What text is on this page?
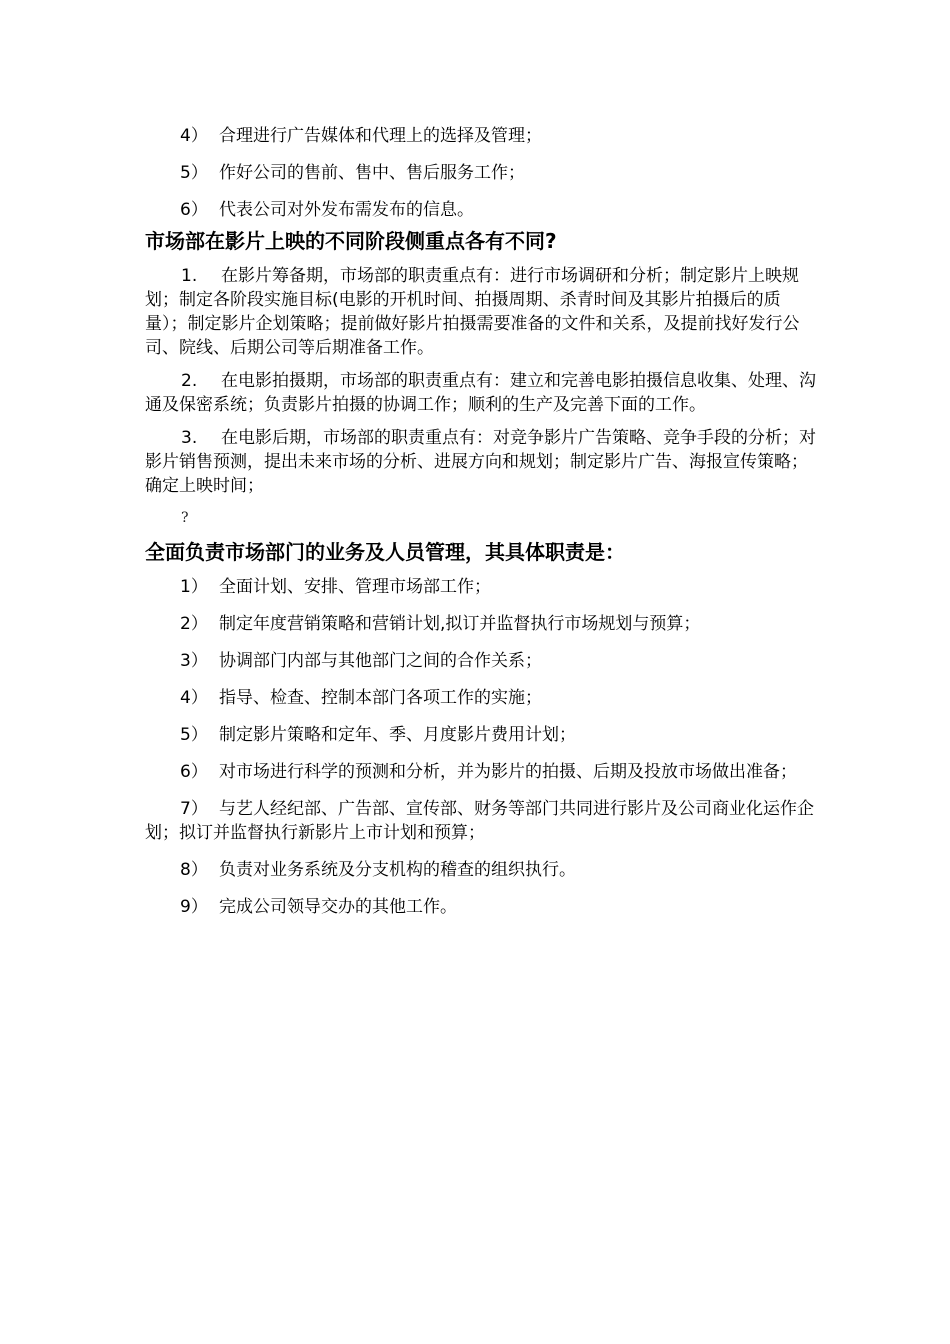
4） 合理进行广告媒体和代理上的选择及管理；
5） 作好公司的售前、售中、售后服务工作；
6） 代表公司对外发布需发布的信息。
市场部在影片上映的不同阶段侧重点各有不同?
1. 在影片筹备期，市场部的职责重点有：进行市场调研和分析；制定影片上映规划；制定各阶段实施目标(电影的开机时间、拍摄周期、杀青时间及其影片拍摄后的质量）；制定影片企划策略；提前做好影片拍摄需要准备的文件和关系，及提前找好发行公司、院线、后期公司等后期准备工作。
2. 在电影拍摄期，市场部的职责重点有：建立和完善电影拍摄信息收集、处理、沟通及保密系统；负责影片拍摄的协调工作；顺利的生产及完善下面的工作。
3. 在电影后期，市场部的职责重点有：对竞争影片广告策略、竞争手段的分析；对影片销售预测，提出未来市场的分析、进展方向和规划；制定影片广告、海报宣传策略；确定上映时间；
?
全面负责市场部门的业务及人员管理，其具体职责是：
1） 全面计划、安排、管理市场部工作；
2） 制定年度营销策略和营销计划,拟订并监督执行市场规划与预算；
3） 协调部门内部与其他部门之间的合作关系；
4） 指导、检查、控制本部门各项工作的实施；
5） 制定影片策略和定年、季、月度影片费用计划；
6） 对市场进行科学的预测和分析，并为影片的拍摄、后期及投放市场做出准备；
7） 与艺人经纪部、广告部、宣传部、财务等部门共同进行影片及公司商业化运作企划；拟订并监督执行新影片上市计划和预算；
8） 负责对业务系统及分支机构的稽查的组织执行。
9） 完成公司领导交办的其他工作。
